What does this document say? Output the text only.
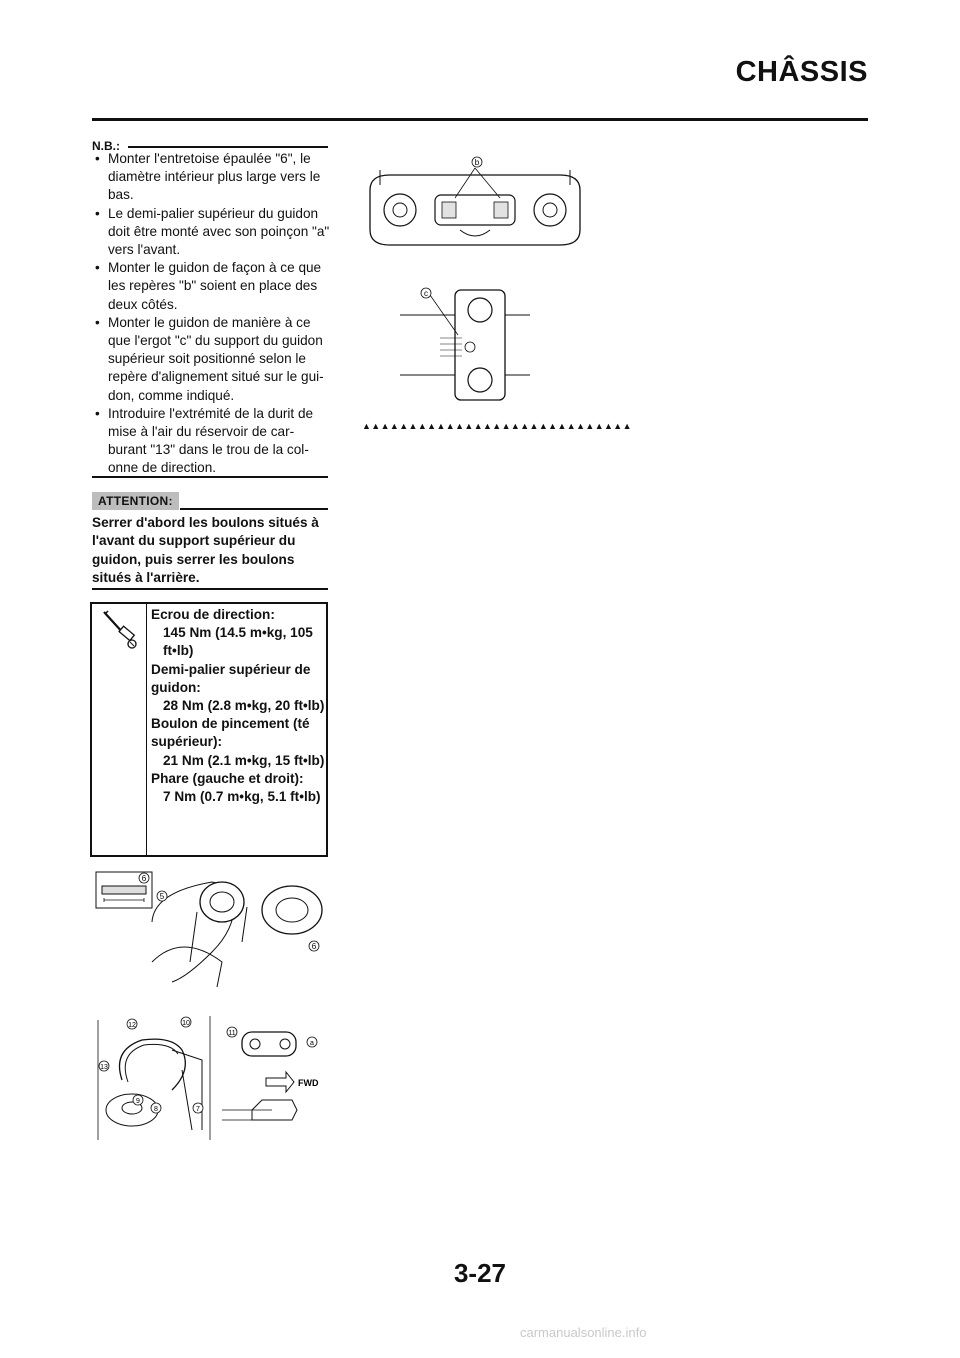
CHÂSSIS
N.B.:
• Monter l'entretoise épaulée "6", le diamètre intérieur plus large vers le bas.
• Le demi-palier supérieur du guidon doit être monté avec son poinçon "a" vers l'avant.
• Monter le guidon de façon à ce que les repères "b" soient en place des deux côtés.
• Monter le guidon de manière à ce que l'ergot "c" du support du guidon supérieur soit positionné selon le repère d'alignement situé sur le gui-don, comme indiqué.
• Introduire l'extrémité de la durit de mise à l'air du réservoir de car-burant "13" dans le trou de la col-onne de direction.
ATTENTION:
Serrer d'abord les boulons situés à l'avant du support supérieur du guidon, puis serrer les boulons situés à l'arrière.
Ecrou de direction:
145 Nm (14.5 m•kg, 105 ft•lb)
Demi-palier supérieur de guidon:
28 Nm (2.8 m•kg, 20 ft•lb)
Boulon de pincement (té supérieur):
21 Nm (2.1 m•kg, 15 ft•lb)
Phare (gauche et droit):
7 Nm (0.7 m•kg, 5.1 ft•lb)
6
5
6
FWD
12	10
11
a
13
9
8	7
b
c
▲▲▲▲▲▲▲▲▲▲▲▲▲▲▲▲▲▲▲▲▲▲▲▲▲▲▲▲▲
3-27
carmanualsonline.info
